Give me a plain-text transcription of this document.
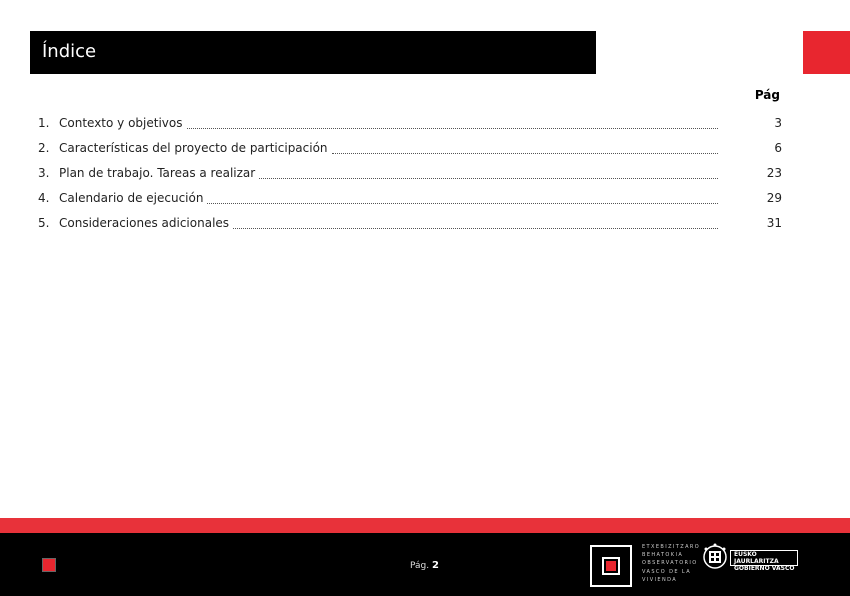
Índice
Pág
1. Contexto y objetivos	3
2. Características del proyecto de participación	6
3. Plan de trabajo. Tareas a realizar	23
4. Calendario de ejecución	29
5. Consideraciones adicionales	31
Pág. 2
ETXEBIZITZARO
BEHATOKIA
OBSERVATORIO
VASCO DE LA
VIVIENDA
EUSKO JAURLARITZA
GOBIERNO VASCO
